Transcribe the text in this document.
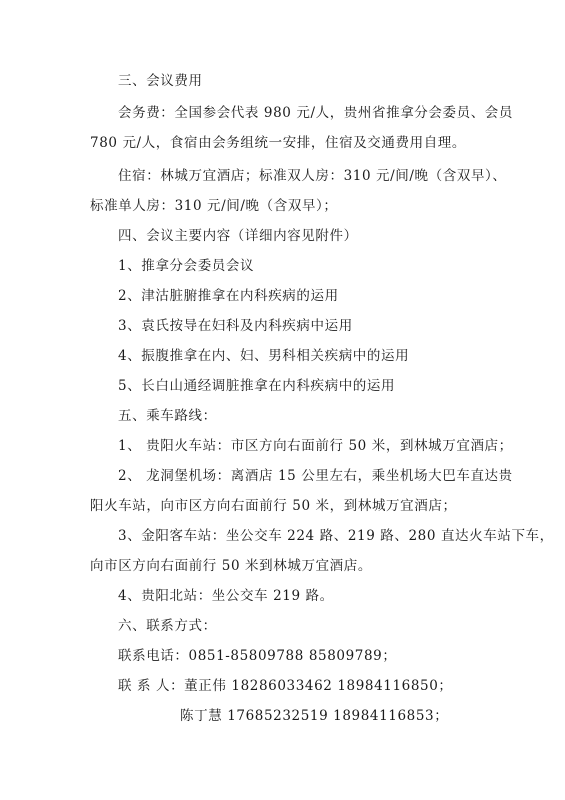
三、会议费用
会务费：全国参会代表 980 元/人，贵州省推拿分会委员、会员
780 元/人，食宿由会务组统一安排，住宿及交通费用自理。
住宿：林城万宜酒店；标准双人房：310 元/间/晚（含双早）、
标准单人房：310 元/间/晚（含双早）；
四、会议主要内容（详细内容见附件）
1、推拿分会委员会议
2、津沽脏腑推拿在内科疾病的运用
3、袁氏按导在妇科及内科疾病中运用
4、振腹推拿在内、妇、男科相关疾病中的运用
5、长白山通经调脏推拿在内科疾病中的运用
五、乘车路线：
1、 贵阳火车站：市区方向右面前行 50 米，到林城万宜酒店；
2、 龙洞堡机场：离酒店 15 公里左右，乘坐机场大巴车直达贵
阳火车站，向市区方向右面前行 50 米，到林城万宜酒店；
3、金阳客车站：坐公交车 224 路、219 路、280 直达火车站下车，
向市区方向右面前行 50 米到林城万宜酒店。
4、贵阳北站：坐公交车 219 路。
六、联系方式：
联系电话：0851-85809788 85809789；
联 系 人：董正伟 18286033462 18984116850；
陈丁慧 17685232519 18984116853；
